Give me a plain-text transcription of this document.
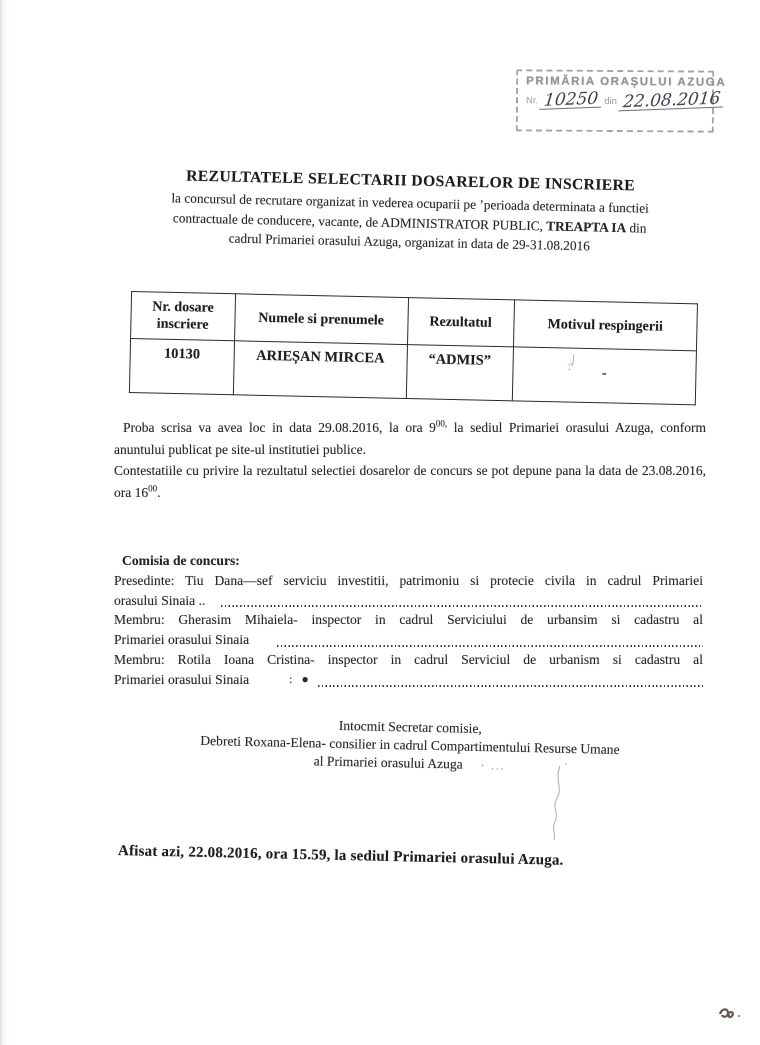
PRIMĂRIA ORAȘULUI AZUGA
Nr. 10250 din 22.08.2016
REZULTATELE SELECTARII DOSARELOR DE INSCRIERE
la concursul de recrutare organizat in vederea ocuparii pe ’perioada determinata a functiei
contractuale de conducere, vacante, de ADMINISTRATOR PUBLIC, TREAPTA IA din
cadrul Primariei orasului Azuga, organizat in data de 29-31.08.2016
Nr. dosare inscriere	Numele si prenumele	Rezultatul	Motivul respingerii
10130	ARIEȘAN MIRCEA	“ADMIS”	-

Proba scrisa va avea loc in data 29.08.2016, la ora $9^{00,}$ la sediul Primariei orasului Azuga, conform anuntului publicat pe site-ul institutiei publice.

Contestatiile cu privire la rezultatul selectiei dosarelor de concurs se pot depune pana la data de 23.08.2016, ora $16^{00}$.

Comisia de concurs:
Presedinte: Tiu Dana—sef serviciu investitii, patrimoniu si protecie civila in cadrul Primariei
orasului Sinaia ..
Membru: Gherasim Mihaiela- inspector in cadrul Serviciului de urbansim si cadastru al
Primariei orasului Sinaia
Membru: Rotila Ioana Cristina- inspector in cadrul Serviciul de urbanism si cadastru al
Primariei orasului Sinaia	: ●
Intocmit Secretar comisie,
Debreti Roxana-Elena- consilier in cadrul Compartimentului Resurse Umane
al Primariei orasului Azuga · ...
Afisat azi, 22.08.2016, ora 15.59, la sediul Primariei orasului Azuga.
